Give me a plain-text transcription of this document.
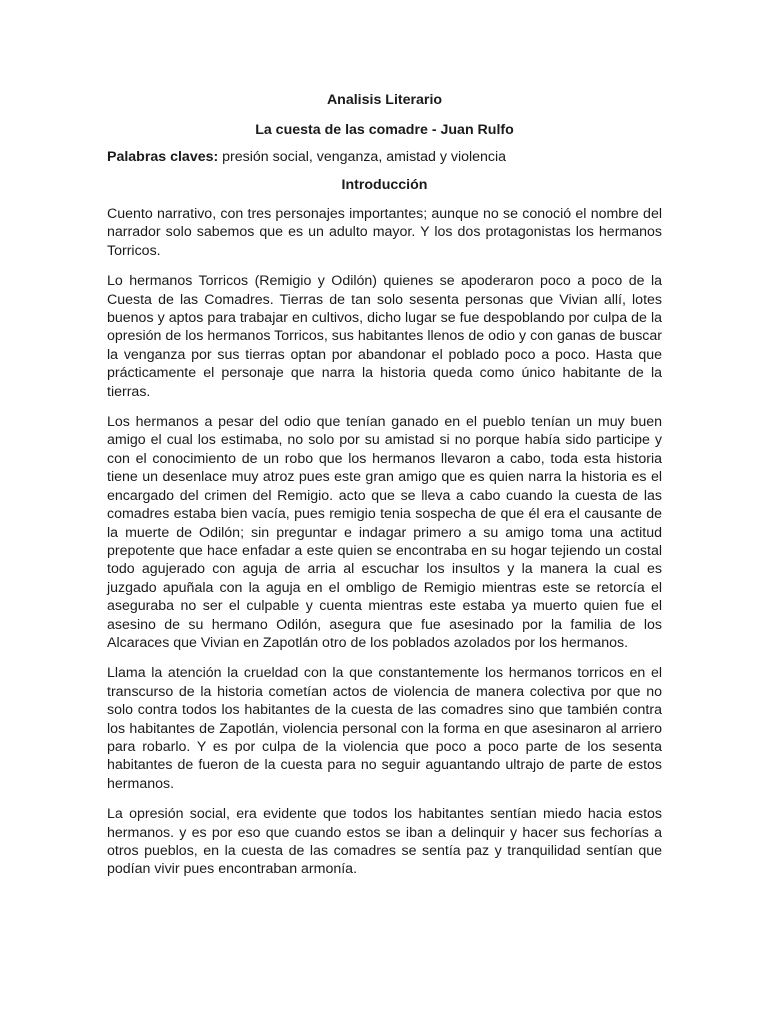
Analisis Literario
La cuesta de las comadre - Juan Rulfo
Palabras claves: presión social, venganza, amistad y violencia
Introducción

Cuento narrativo, con tres personajes importantes; aunque no se conoció el nombre del narrador solo sabemos que es un adulto mayor. Y los dos protagonistas los hermanos Torricos.

Lo hermanos Torricos (Remigio y Odilón) quienes se apoderaron poco a poco de la Cuesta de las Comadres. Tierras de tan solo sesenta personas que Vivian allí, lotes buenos y aptos para trabajar en cultivos, dicho lugar se fue despoblando por culpa de la opresión de los hermanos Torricos, sus habitantes llenos de odio y con ganas de buscar la venganza por sus tierras optan por abandonar el poblado poco a poco. Hasta que prácticamente el personaje que narra la historia queda como único habitante de la tierras.

Los hermanos a pesar del odio que tenían ganado en el pueblo tenían un muy buen amigo el cual los estimaba, no solo por su amistad si no porque había sido participe y con el conocimiento de un robo que los hermanos llevaron a cabo, toda esta historia tiene un desenlace muy atroz pues este gran amigo que es quien narra la historia es el encargado del crimen del Remigio. acto que se lleva a cabo cuando la cuesta de las comadres estaba bien vacía, pues remigio tenia sospecha de que él era el causante de la muerte de Odilón; sin preguntar e indagar primero a su amigo toma una actitud prepotente que hace enfadar a este quien se encontraba en su hogar tejiendo un costal todo agujerado con aguja de arria al escuchar los insultos y la manera la cual es juzgado apuñala con la aguja en el ombligo de Remigio mientras este se retorcía el aseguraba no ser el culpable y cuenta mientras este estaba ya muerto quien fue el asesino de su hermano Odilón, asegura que fue asesinado por la familia de los Alcaraces que Vivian en Zapotlán otro de los poblados azolados por los hermanos.

Llama la atención la crueldad con la que constantemente los hermanos torricos en el transcurso de la historia cometían actos de violencia de manera colectiva por que no solo contra todos los habitantes de la cuesta de las comadres sino que también contra los habitantes de Zapotlán, violencia personal con la forma en que asesinaron al arriero para robarlo. Y es por culpa de la violencia que poco a poco parte de los sesenta habitantes de fueron de la cuesta para no seguir aguantando ultrajo de parte de estos hermanos.

La opresión social, era evidente que todos los habitantes sentían miedo hacia estos hermanos. y es por eso que cuando estos se iban a delinquir y hacer sus fechorías a otros pueblos, en la cuesta de las comadres se sentía paz y tranquilidad sentían que podían vivir pues encontraban armonía.
